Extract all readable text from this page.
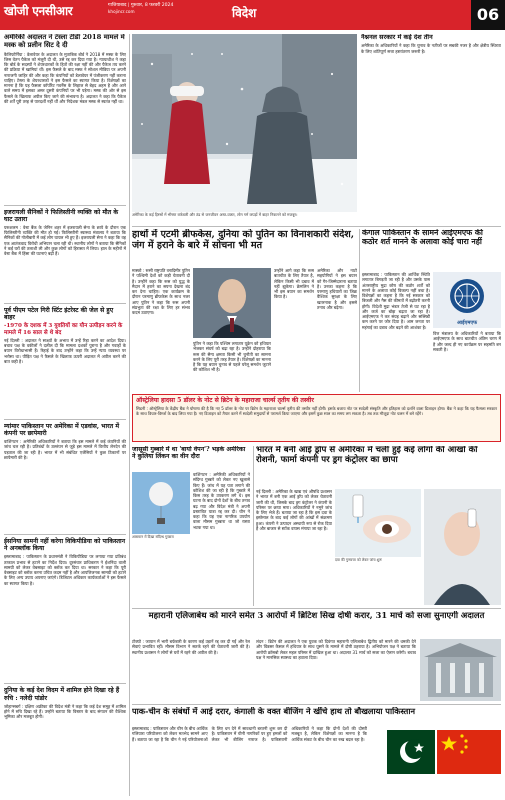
खोजी एनसीआर	गाजियाबाद | गुरुवार, 8 फरवरी 2024
khojincr.com	विदेश	06
अमेरिकी अदालत ने टेस्ला टीडी 2018 मामले में मस्क को प्रलीन सिट दे दी
कैलिफोर्निया : डेलावेयर के अदालत के मुताबिक बोर्ड ने 2018 में मस्क के लिए जिस वेतन पैकेज को मंजूरी दी थी, उसे रद्द कर दिया गया है। न्यायाधीश ने कहा कि बोर्ड के सदस्यों ने शेयरधारकों के हितों की रक्षा नहीं की और पैकेज तय करने की प्रक्रिया में खामियां थीं। इस फैसले के बाद मस्क ने सोशल मीडिया पर अपनी नाराजगी जाहिर की और कहा कि कंपनियों को डेलावेयर में पंजीकरण नहीं कराना चाहिए। टेस्ला के शेयरधारकों ने इस फैसले का स्वागत किया है। विशेषज्ञों का मानना है कि यह फैसला कॉर्पोरेट गवर्नेंस के लिहाज से बेहद अहम है और आने वाले समय में इसका असर दूसरी कंपनियों पर भी पड़ेगा। मस्क की ओर से इस फैसले के खिलाफ अपील किए जाने की संभावना है। अदालत ने कहा कि पैकेज की शर्तें पूरी तरह से पारदर्शी नहीं थीं और निदेशक मंडल मस्क से स्वतंत्र नहीं था।
इजरायली सैनिकों ने फिलिस्तीनी व्यक्ति को मौत के घाट उतारा
यरूशलम : वेस्ट बैंक के जेनिन शहर में इजरायली सेना के छापे के दौरान एक फिलिस्तीनी व्यक्ति की मौत हो गई। फिलिस्तीनी स्वास्थ्य मंत्रालय ने बताया कि सैनिकों की गोलीबारी में कई लोग घायल भी हुए हैं। इजरायली सेना ने कहा कि वह एक आतंकवाद विरोधी अभियान चला रही थी। स्थानीय लोगों ने बताया कि सैनिकों ने कई घरों की तलाशी ली और कुछ लोगों को हिरासत में लिया। हाल के महीनों में वेस्ट बैंक में हिंसा की घटनाएं बढ़ी हैं।
पूर्व पीएम पटेल गिरी स्टिंट इंटरेस्ट की जेल से हुए बाहर
-1970 के दशक में 3 युवतियों का यौन उत्पीड़न करने के मामले में 16 साल से थे बंद
नई दिल्ली : अदालत ने साक्ष्यों के अभाव में उन्हें रिहा करने का आदेश दिया। बचाव पक्ष के वकीलों ने दलील दी कि मामला दशकों पुराना है और गवाहों के बयान विरोधाभासी हैं। रिहाई के बाद उन्होंने कहा कि उन्हें न्याय व्यवस्था पर भरोसा था। पीड़ित पक्ष ने फैसले के खिलाफ ऊपरी अदालत में अपील करने की बात कही है।
म्यांमार पाकिस्तान पर अमेरिका में एडवांस, भारत में कंपनी पर छापेमारी
वाशिंगटन : अमेरिकी अधिकारियों ने बताया कि इस मामले में कई कंपनियों की जांच चल रही है। प्रतिबंधों के उल्लंघन से जुड़े इस मामले में वित्तीय लेनदेन की पड़ताल की जा रही है। भारत में भी संबंधित एजेंसियों ने कुछ ठिकानों पर छापेमारी की है।
ईसनिया सामनी नहीं करेगा विकिपीडिया को पाकिस्तान ने अनब्लॉक किया
इस्लामाबाद : पाकिस्तान के प्रधानमंत्री ने विकिपीडिया पर लगाया गया प्रतिबंध तत्काल प्रभाव से हटाने का निर्देश दिया। दूरसंचार प्राधिकरण ने ईशनिंदा वाली सामग्री को लेकर वेबसाइट को ब्लॉक कर दिया था। सरकार ने कहा कि पूरी वेबसाइट को ब्लॉक करना उचित कदम नहीं है और आपत्तिजनक सामग्री को हटाने के लिए अन्य उपाय अपनाए जाएंगे। डिजिटल अधिकार कार्यकर्ताओं ने इस फैसले का स्वागत किया है।
दुनिया के कई देश विदम में शामिल होने दिखा रहे हैं रुचि : नलेदी पांडोर
जोहान्सबर्ग : दक्षिण अफ्रीका की विदेश मंत्री ने कहा कि कई देश समूह में शामिल होने में रुचि दिखा रहे हैं। उन्होंने बताया कि विस्तार के बाद संगठन की वैश्विक भूमिका और मजबूत होगी।
अमेरिका के कई हिस्सों में भीषण बर्फबारी और ठंड से जनजीवन अस्त-व्यस्त, लोग गर्म कपड़ों में बाहर निकलने को मजबूर।
नैश्ननल सरकार में कई देश तीन
अमेरिका के अधिकारियों ने कहा कि चुनाव के नतीजों पर सबकी नजर है और क्षेत्रीय स्थिरता के लिए शांतिपूर्ण सत्ता हस्तांतरण जरूरी है।
हाथों में एटमी ब्रीफकेस, दुनिया को पुतिन का विनाशकारी संदेश, जंग में हराने के बारे में सोचना भी मत
मास्को : रूसी राष्ट्रपति व्लादिमीर पुतिन ने पश्चिमी देशों को कड़ी चेतावनी दी है। उन्होंने कहा कि रूस को युद्ध के मैदान में हराने का सपना देखना बंद कर देना चाहिए। एक कार्यक्रम के दौरान परमाणु ब्रीफकेस के साथ नजर आए पुतिन ने कहा कि रूस अपनी संप्रभुता की रक्षा के लिए हर संभव कदम उठाएगा।
पुतिन ने कहा कि पश्चिम लगातार यूक्रेन को हथियार भेजकर संघर्ष को बढ़ा रहा है। उन्होंने दोहराया कि रूस की सैन्य क्षमता किसी भी चुनौती का सामना करने के लिए पूरी तरह तैयार है। विशेषज्ञों का मानना है कि यह बयान चुनाव से पहले घरेलू समर्थन जुटाने की कोशिश भी है।
उन्होंने आगे कहा कि रूस बातचीत के लिए तैयार है, लेकिन किसी भी दबाव में नहीं झुकेगा। क्रेमलिन ने भी इस बयान का समर्थन किया है।
अमेरिका और नाटो सहयोगियों ने इस बयान को गैर-जिम्मेदाराना बताया है। उनका कहना है कि परमाणु हथियारों का जिक्र वैश्विक सुरक्षा के लिए खतरनाक है और इससे तनाव और बढ़ेगा।
कंगाल पाकिस्तान के सामने आईएमएफ की कठोर शर्त मानने के अलावा कोई चारा नहीं
इस्लामाबाद : पाकिस्तान की आर्थिक स्थिति लगातार बिगड़ती जा रही है और उसके पास अंतरराष्ट्रीय मुद्रा कोष की कठोर शर्तों को मानने के अलावा कोई विकल्प नहीं बचा है। विशेषज्ञों का कहना है कि नई सरकार को बिजली और गैस की कीमतों में बढ़ोतरी करनी होगी। विदेशी मुद्रा भंडार तेजी से घट रहा है और कर्ज का बोझ बढ़ता जा रहा है। आईएमएफ ने कर संग्रह बढ़ाने और सब्सिडी कम करने पर जोर दिया है। आम जनता पर महंगाई का दबाव और बढ़ने की आशंका है।
आईएमएफ
वित्त मंत्रालय के अधिकारियों ने बताया कि आईएमएफ के साथ बातचीत अंतिम चरण में है और जल्द ही नए कार्यक्रम पर सहमति बन सकती है।
ऑस्ट्रेलिया हादसा 5 डॉलर के नोट से ब्रिटेन के महाराजा चार्ल्स तृतीय की तस्वीर
सिडनी : ऑस्ट्रेलिया के केंद्रीय बैंक ने घोषणा की है कि नए 5 डॉलर के नोट पर ब्रिटेन के महाराजा चार्ल्स तृतीय की तस्वीर नहीं होगी। इसके बजाय नोट पर स्वदेशी संस्कृति और इतिहास को दर्शाने वाला डिजाइन होगा। बैंक ने कहा कि यह फैसला सरकार के साथ विचार-विमर्श के बाद लिया गया है। नए डिजाइन को तैयार करने में स्वदेशी समुदायों से परामर्श किया जाएगा और इसमें कुछ साल का समय लग सकता है। तब तक मौजूदा नोट चलन में बने रहेंगे।
जासूसी गुब्बारे में था 'बायो वेपन'? भड़के अमेरिका ने कुलिया लिंकन का वीन दौरा
आसमान में दिखा संदिग्ध गुब्बारा
वाशिंगटन : अमेरिकी अधिकारियों ने संदिग्ध गुब्बारे को लेकर नए खुलासे किए हैं। जांच में यह पता लगाने की कोशिश की जा रही है कि गुब्बारे में किस तरह के उपकरण लगे थे। इस घटना के बाद दोनों देशों के बीच तनाव बढ़ गया और विदेश मंत्री ने अपनी प्रस्तावित यात्रा रद्द कर दी। चीन ने कहा कि यह एक नागरिक उपयोग वाला मौसम गुब्बारा था जो रास्ता भटक गया था।
भारत में बनी आई ड्रॉप से अमेरिका में चली हुई कई लोगों की आंखों की रोशनी, फार्मा कंपनी पर ड्रग कंट्रोलर का छापा
नई दिल्ली : अमेरिका के खाद्य एवं औषधि प्रशासन ने भारत में बनी एक आई ड्रॉप को लेकर चेतावनी जारी की थी, जिसके बाद ड्रग कंट्रोलर ने कंपनी के परिसर पर छापा मारा। अधिकारियों ने नमूने जांच के लिए भेजे हैं। बताया जा रहा है कि इस दवा के इस्तेमाल के बाद कई लोगों की आंखों में संक्रमण हुआ। कंपनी ने उत्पादन अस्थायी रूप से रोक दिया है और बाजार से स्टॉक वापस मंगाया जा रहा है।
दवा की गुणवत्ता को लेकर जांच शुरू
महारानी एलिजाबेथ को मारने समेत 3 आरोपों में ब्रिटिश सिख दोषी करार, 31 मार्च को सजा सुनाएगी अदालत
टोक्यो : जापान में भारी बर्फबारी के कारण कई उड़ानें रद्द कर दी गईं और रेल सेवाएं प्रभावित रहीं। मौसम विभाग ने सतर्क रहने की चेतावनी जारी की है। स्थानीय प्रशासन ने लोगों से घरों में रहने की अपील की है।
लंदन : ब्रिटेन की अदालत ने एक युवक को दिवंगत महारानी एलिजाबेथ द्वितीय को मारने की धमकी देने और विंडसर कैसल में हथियार के साथ घुसने के मामले में दोषी ठहराया है। अभियोजन पक्ष ने बताया कि आरोपी क्रॉसबो लेकर महल परिसर में दाखिल हुआ था। अदालत 31 मार्च को सजा का ऐलान करेगी। बचाव पक्ष ने मानसिक स्वास्थ्य का हवाला दिया।
पाक-चीन के संबंधों में आई दरार, कंगाली के वक्त बीजिंग ने खींचे हाथ तो बौखलाया पाकिस्तान
इस्लामाबाद : पाकिस्तान और चीन के बीच आर्थिक गलियारा परियोजना को लेकर मतभेद सामने आए हैं। बताया जा रहा है कि चीन ने नई परियोजनाओं के लिए धन देने में सावधानी बरतनी शुरू कर दी है। पाकिस्तान में चीनी नागरिकों पर हुए हमलों को लेकर भी बीजिंग नाराज है। पाकिस्तानी अधिकारियों ने कहा कि दोनों देशों की दोस्ती मजबूत है, लेकिन विशेषज्ञों का मानना है कि आर्थिक संकट के बीच चीन का रुख बदल रहा है।
